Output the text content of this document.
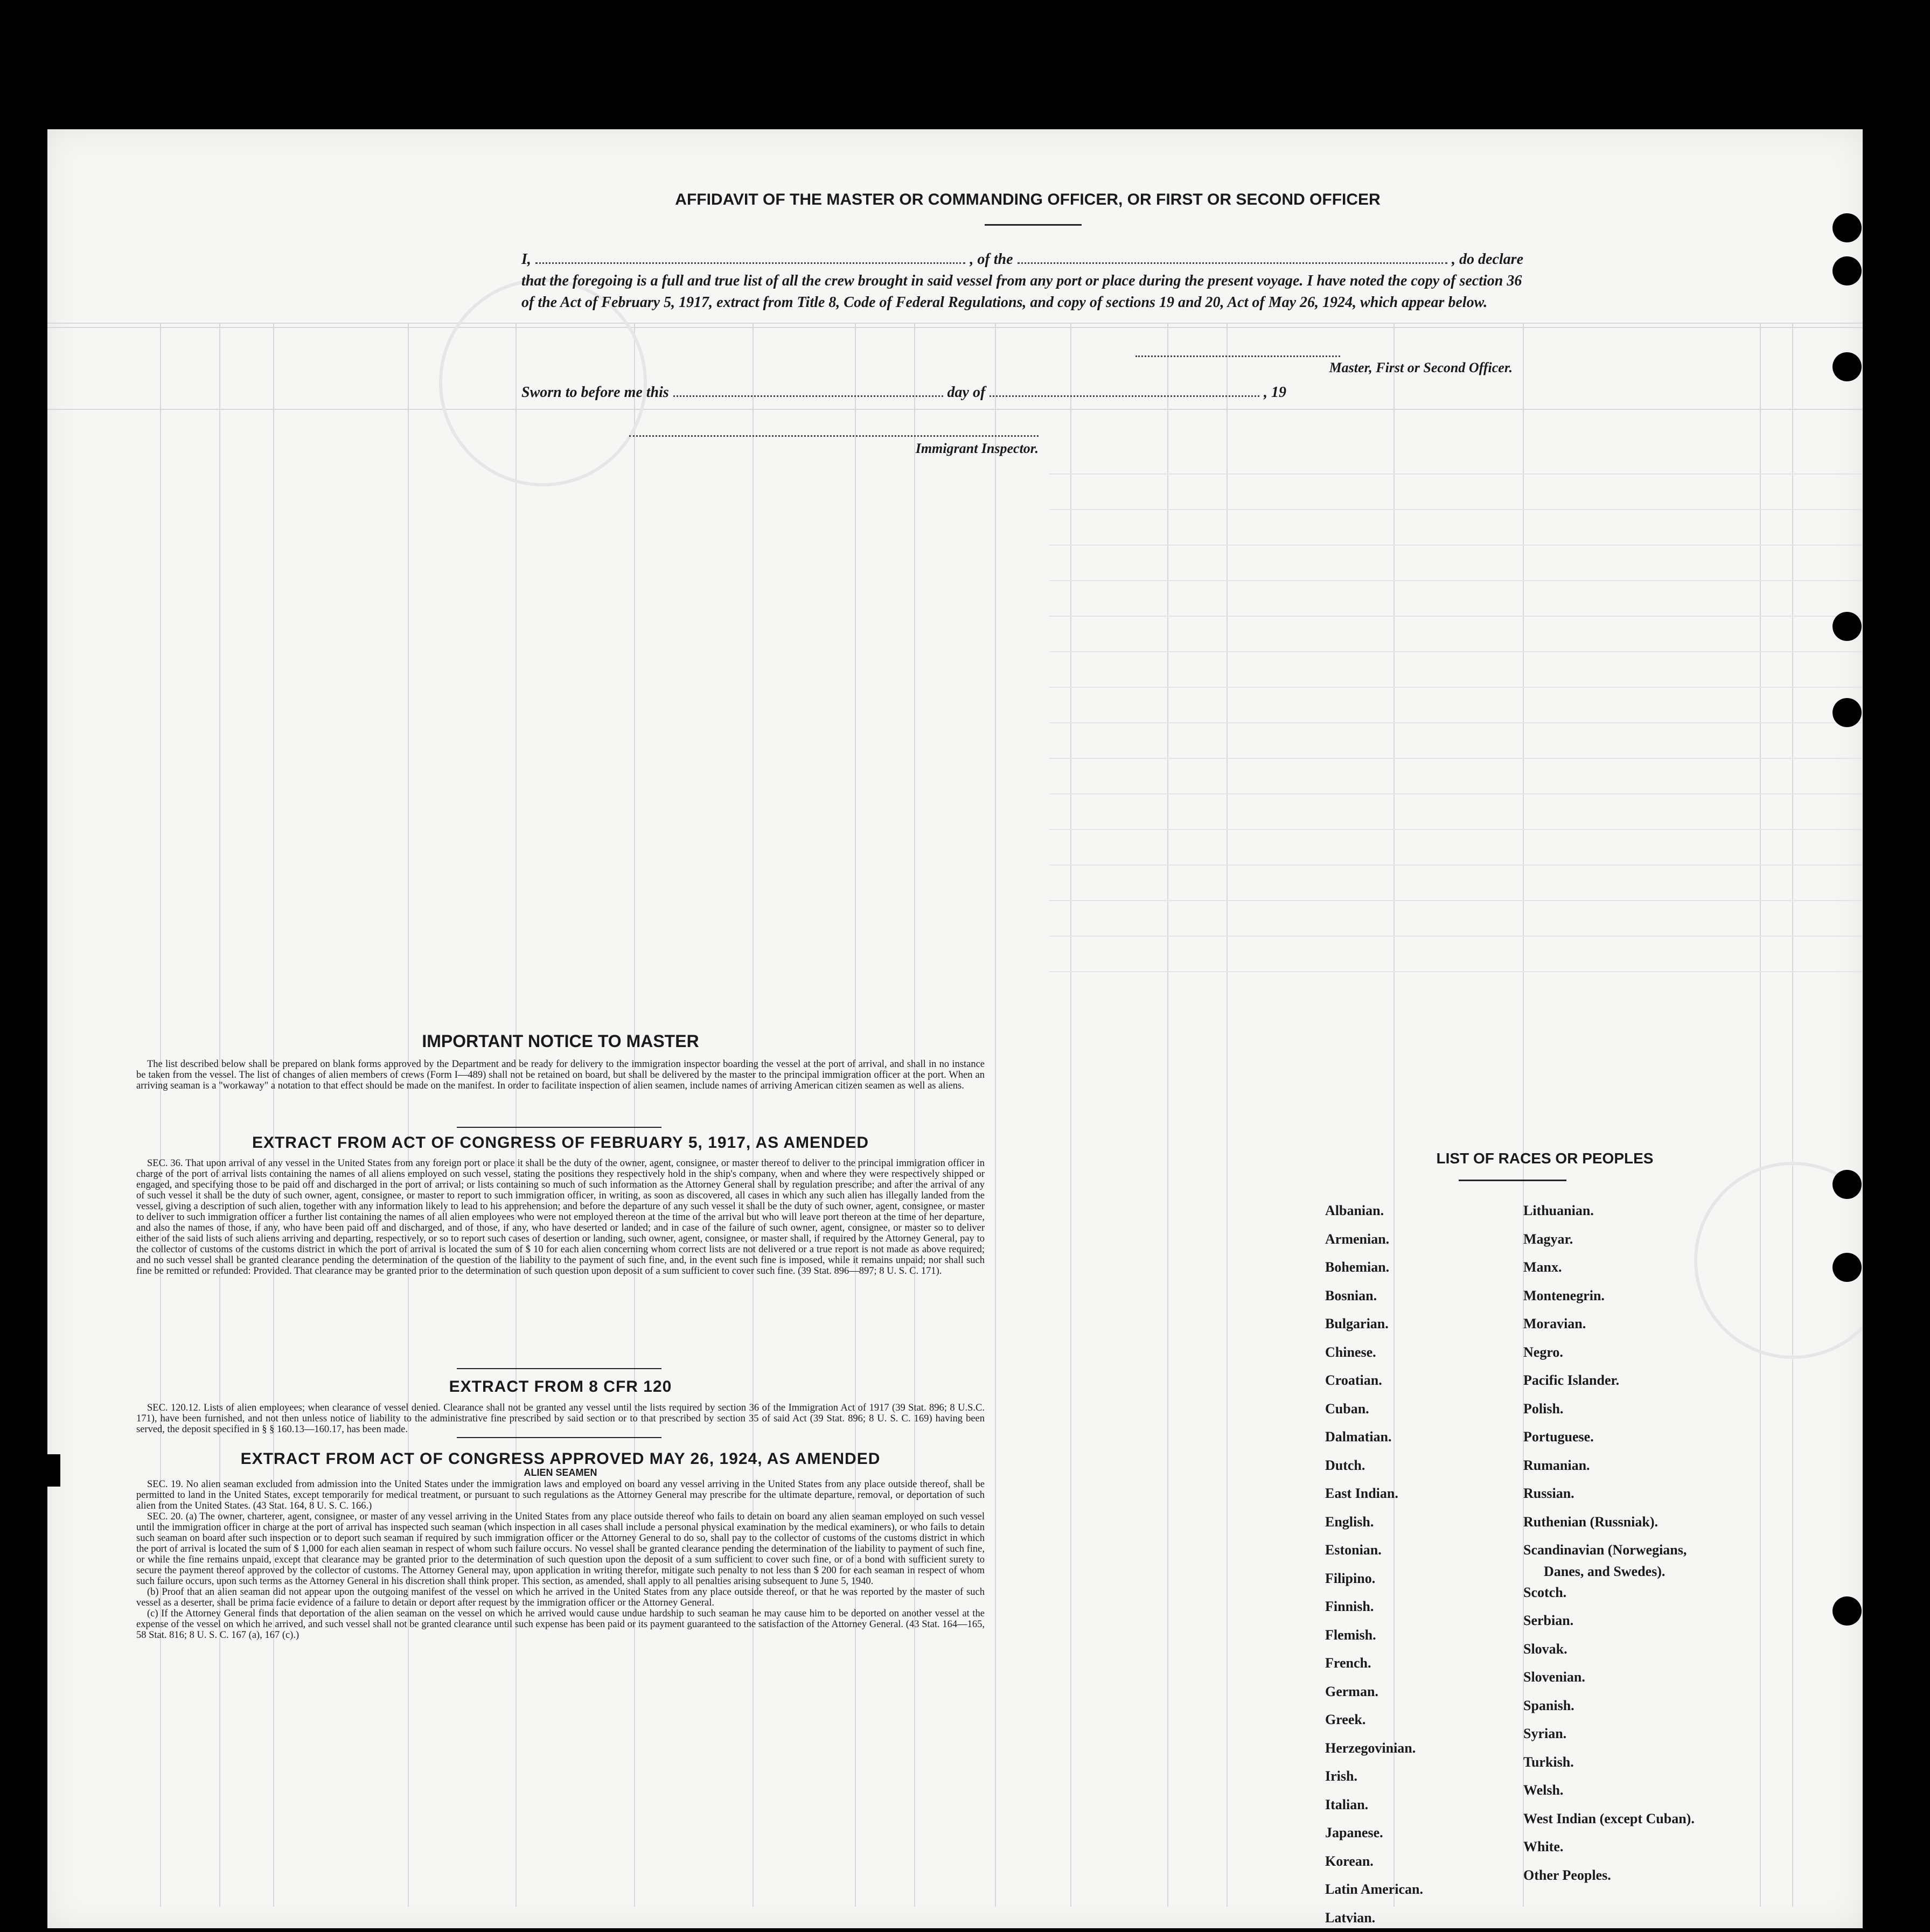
AFFIDAVIT OF THE MASTER OR COMMANDING OFFICER, OR FIRST OR SECOND OFFICER
I,	, of the	, do declare
that the foregoing is a full and true list of all the crew brought in said vessel from any port or place during the present voyage. I have noted the copy of section 36 of the Act of February 5, 1917, extract from Title 8, Code of Federal Regulations, and copy of sections 19 and 20, Act of May 26, 1924, which appear below.
Master, First or Second Officer.
Sworn to before me this	day of	, 19
Immigrant Inspector.
IMPORTANT NOTICE TO MASTER
The list described below shall be prepared on blank forms approved by the Department and be ready for delivery to the immigration inspector boarding the vessel at the port of arrival, and shall in no instance be taken from the vessel. The list of changes of alien members of crews (Form I—489) shall not be retained on board, but shall be delivered by the master to the principal immigration officer at the port. When an arriving seaman is a "workaway" a notation to that effect should be made on the manifest. In order to facilitate inspection of alien seamen, include names of arriving American citizen seamen as well as aliens.
EXTRACT FROM ACT OF CONGRESS OF FEBRUARY 5, 1917, AS AMENDED
SEC. 36. That upon arrival of any vessel in the United States from any foreign port or place it shall be the duty of the owner, agent, consignee, or master thereof to deliver to the principal immigration officer in charge of the port of arrival lists containing the names of all aliens employed on such vessel, stating the positions they respectively hold in the ship's company, when and where they were respectively shipped or engaged, and specifying those to be paid off and discharged in the port of arrival; or lists containing so much of such information as the Attorney General shall by regulation prescribe; and after the arrival of any of such vessel it shall be the duty of such owner, agent, consignee, or master to report to such immigration officer, in writing, as soon as discovered, all cases in which any such alien has illegally landed from the vessel, giving a description of such alien, together with any information likely to lead to his apprehension; and before the departure of any such vessel it shall be the duty of such owner, agent, consignee, or master to deliver to such immigration officer a further list containing the names of all alien employees who were not employed thereon at the time of the arrival but who will leave port thereon at the time of her departure, and also the names of those, if any, who have been paid off and discharged, and of those, if any, who have deserted or landed; and in case of the failure of such owner, agent, consignee, or master so to deliver either of the said lists of such aliens arriving and departing, respectively, or so to report such cases of desertion or landing, such owner, agent, consignee, or master shall, if required by the Attorney General, pay to the collector of customs of the customs district in which the port of arrival is located the sum of $ 10 for each alien concerning whom correct lists are not delivered or a true report is not made as above required; and no such vessel shall be granted clearance pending the determination of the question of the liability to the payment of such fine, and, in the event such fine is imposed, while it remains unpaid; nor shall such fine be remitted or refunded: Provided. That clearance may be granted prior to the determination of such question upon deposit of a sum sufficient to cover such fine. (39 Stat. 896—897; 8 U. S. C. 171).
EXTRACT FROM 8 CFR 120
SEC. 120.12. Lists of alien employees; when clearance of vessel denied. Clearance shall not be granted any vessel until the lists required by section 36 of the Immigration Act of 1917 (39 Stat. 896; 8 U.S.C. 171), have been furnished, and not then unless notice of liability to the administrative fine prescribed by said section or to that prescribed by section 35 of said Act (39 Stat. 896; 8 U. S. C. 169) having been served, the deposit specified in § § 160.13—160.17, has been made.
EXTRACT FROM ACT OF CONGRESS APPROVED MAY 26, 1924, AS AMENDED
ALIEN SEAMEN

SEC. 19. No alien seaman excluded from admission into the United States under the immigration laws and employed on board any vessel arriving in the United States from any place outside thereof, shall be permitted to land in the United States, except temporarily for medical treatment, or pursuant to such regulations as the Attorney General may prescribe for the ultimate departure, removal, or deportation of such alien from the United States. (43 Stat. 164, 8 U. S. C. 166.)

SEC. 20. (a) The owner, charterer, agent, consignee, or master of any vessel arriving in the United States from any place outside thereof who fails to detain on board any alien seaman employed on such vessel until the immigration officer in charge at the port of arrival has inspected such seaman (which inspection in all cases shall include a personal physical examination by the medical examiners), or who fails to detain such seaman on board after such inspection or to deport such seaman if required by such immigration officer or the Attorney General to do so, shall pay to the collector of customs of the customs district in which the port of arrival is located the sum of $ 1,000 for each alien seaman in respect of whom such failure occurs. No vessel shall be granted clearance pending the determination of the liability to payment of such fine, or while the fine remains unpaid, except that clearance may be granted prior to the determination of such question upon the deposit of a sum sufficient to cover such fine, or of a bond with sufficient surety to secure the payment thereof approved by the collector of customs. The Attorney General may, upon application in writing therefor, mitigate such penalty to not less than $ 200 for each seaman in respect of whom such failure occurs, upon such terms as the Attorney General in his discretion shall think proper. This section, as amended, shall apply to all penalties arising subsequent to June 5, 1940.

(b) Proof that an alien seaman did not appear upon the outgoing manifest of the vessel on which he arrived in the United States from any place outside thereof, or that he was reported by the master of such vessel as a deserter, shall be prima facie evidence of a failure to detain or deport after request by the immigration officer or the Attorney General.

(c) If the Attorney General finds that deportation of the alien seaman on the vessel on which he arrived would cause undue hardship to such seaman he may cause him to be deported on another vessel at the expense of the vessel on which he arrived, and such vessel shall not be granted clearance until such expense has been paid or its payment guaranteed to the satisfaction of the Attorney General. (43 Stat. 164—165, 58 Stat. 816; 8 U. S. C. 167 (a), 167 (c).)

LIST OF RACES OR PEOPLES
Albanian.
Armenian.
Bohemian.
Bosnian.
Bulgarian.
Chinese.
Croatian.
Cuban.
Dalmatian.
Dutch.
East Indian.
English.
Estonian.
Filipino.
Finnish.
Flemish.
French.
German.
Greek.
Herzegovinian.
Irish.
Italian.
Japanese.
Korean.
Latin American.
Latvian.
Lithuanian.
Magyar.
Manx.
Montenegrin.
Moravian.
Negro.
Pacific Islander.
Polish.
Portuguese.
Rumanian.
Russian.
Ruthenian (Russniak).
Scandinavian (Norwegians,
Danes, and Swedes).
Scotch.
Serbian.
Slovak.
Slovenian.
Spanish.
Syrian.
Turkish.
Welsh.
West Indian (except Cuban).
White.
Other Peoples.
